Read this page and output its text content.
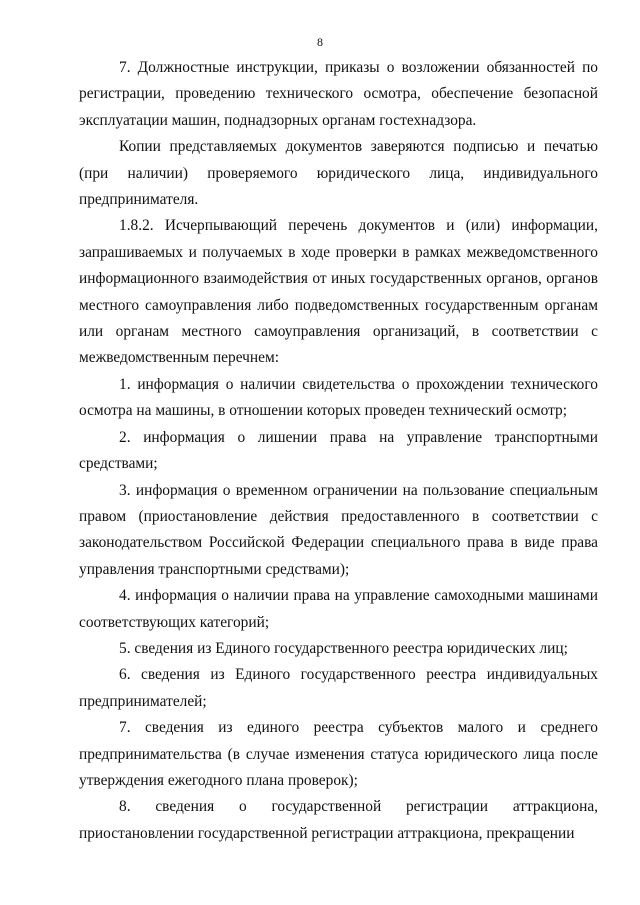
8

7. Должностные инструкции, приказы о возложении обязанностей по регистрации, проведению технического осмотра, обеспечение безопасной эксплуатации машин, поднадзорных органам гостехнадзора.

Копии представляемых документов заверяются подписью и печатью (при наличии) проверяемого юридического лица, индивидуального предпринимателя.

1.8.2. Исчерпывающий перечень документов и (или) информации, запрашиваемых и получаемых в ходе проверки в рамках межведомственного информационного взаимодействия от иных государственных органов, органов местного самоуправления либо подведомственных государственным органам или органам местного самоуправления организаций, в соответствии с межведомственным перечнем:

1. информация о наличии свидетельства о прохождении технического осмотра на машины, в отношении которых проведен технический осмотр;

2. информация о лишении права на управление транспортными средствами;

3. информация о временном ограничении на пользование специальным правом (приостановление действия предоставленного в соответствии с законодательством Российской Федерации специального права в виде права управления транспортными средствами);

4. информация о наличии права на управление самоходными машинами соответствующих категорий;

5. сведения из Единого государственного реестра юридических лиц;

6. сведения из Единого государственного реестра индивидуальных предпринимателей;

7. сведения из единого реестра субъектов малого и среднего предпринимательства (в случае изменения статуса юридического лица после утверждения ежегодного плана проверок);

8. сведения о государственной регистрации аттракциона, приостановлении государственной регистрации аттракциона, прекращении
